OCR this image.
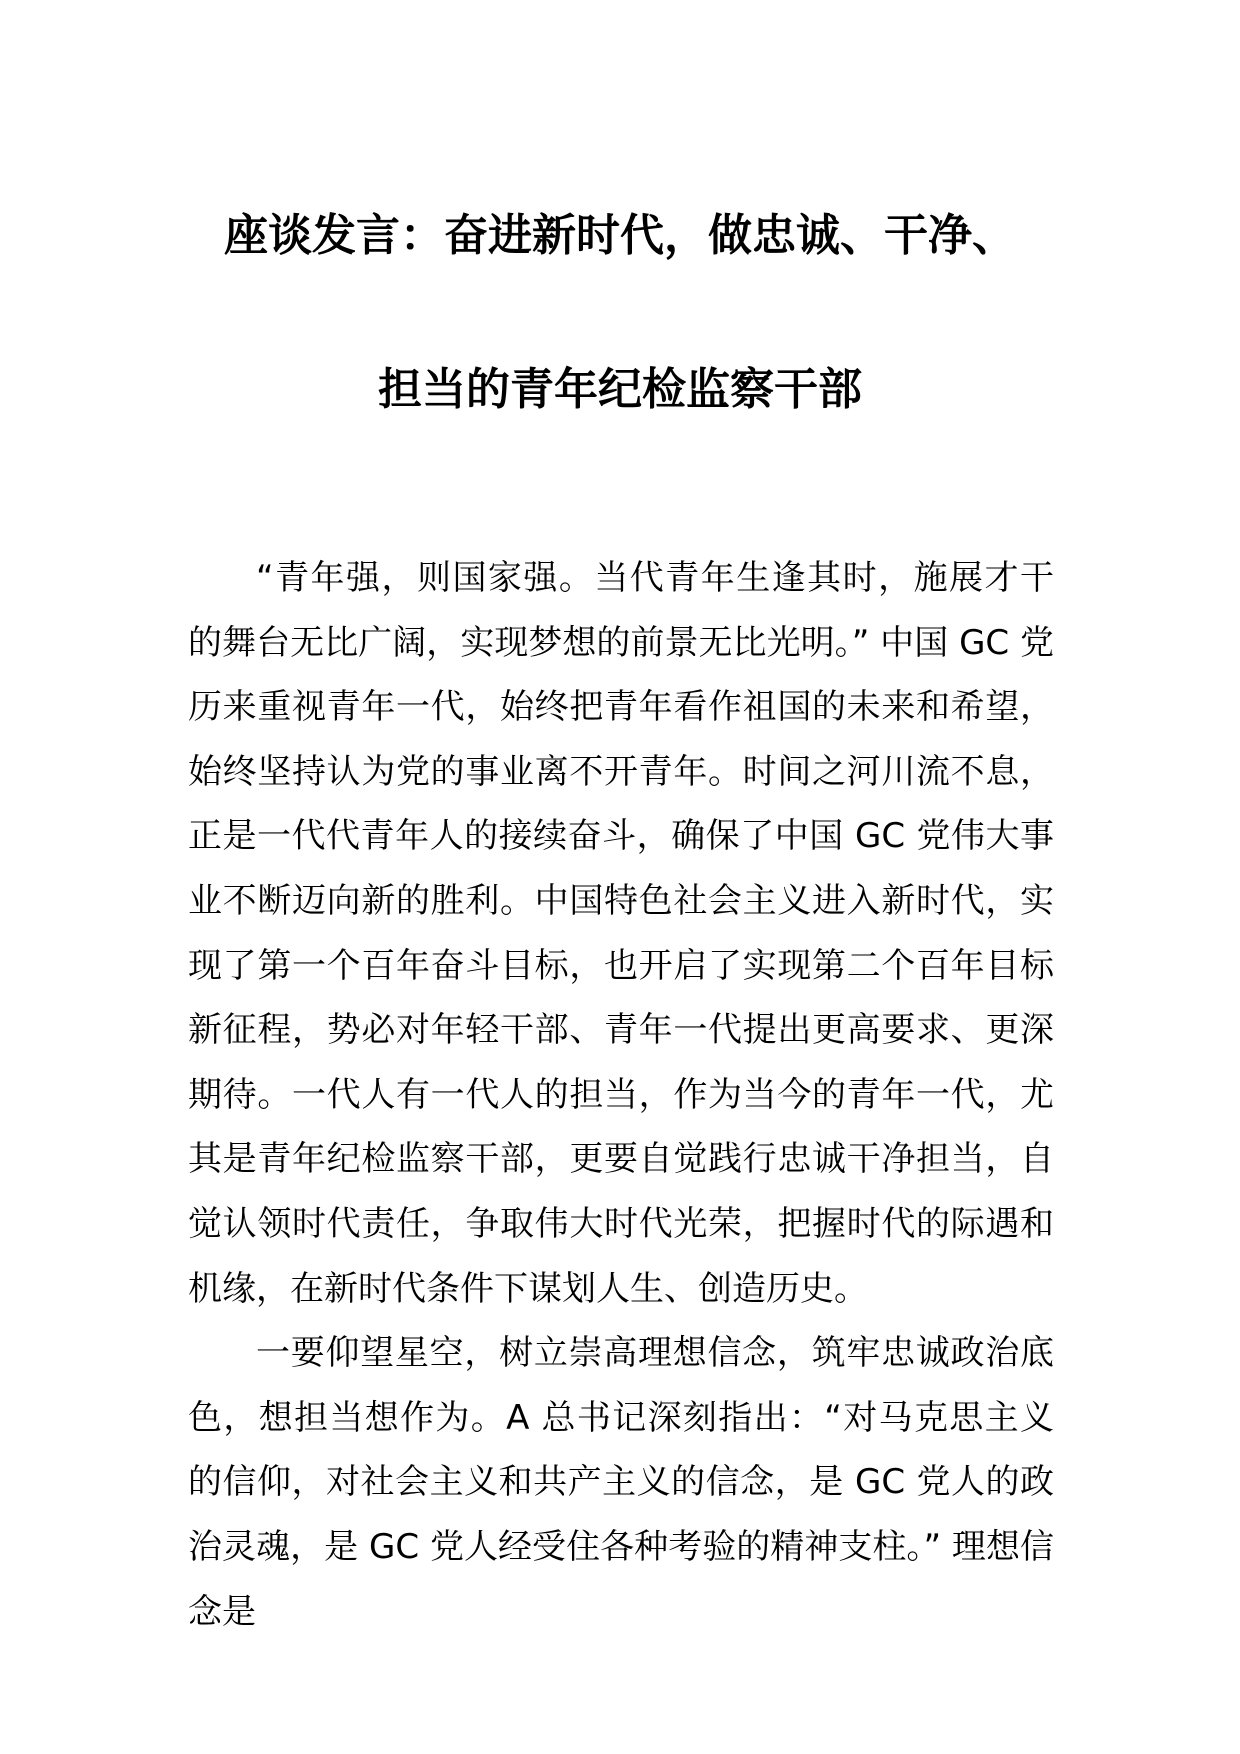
座谈发言：奋进新时代，做忠诚、干净、
担当的青年纪检监察干部

“青年强，则国家强。当代青年生逢其时，施展才干的舞台无比广阔，实现梦想的前景无比光明。” 中国 GC 党历来重视青年一代，始终把青年看作祖国的未来和希望，始终坚持认为党的事业离不开青年。时间之河川流不息，正是一代代青年人的接续奋斗，确保了中国 GC 党伟大事业不断迈向新的胜利。中国特色社会主义进入新时代，实现了第一个百年奋斗目标，也开启了实现第二个百年目标新征程，势必对年轻干部、青年一代提出更高要求、更深期待。一代人有一代人的担当，作为当今的青年一代，尤其是青年纪检监察干部，更要自觉践行忠诚干净担当，自觉认领时代责任，争取伟大时代光荣，把握时代的际遇和机缘，在新时代条件下谋划人生、创造历史。

一要仰望星空，树立崇高理想信念，筑牢忠诚政治底色，想担当想作为。A 总书记深刻指出：“对马克思主义的信仰，对社会主义和共产主义的信念，是 GC 党人的政治灵魂，是 GC 党人经受住各种考验的精神支柱。” 理想信念是
